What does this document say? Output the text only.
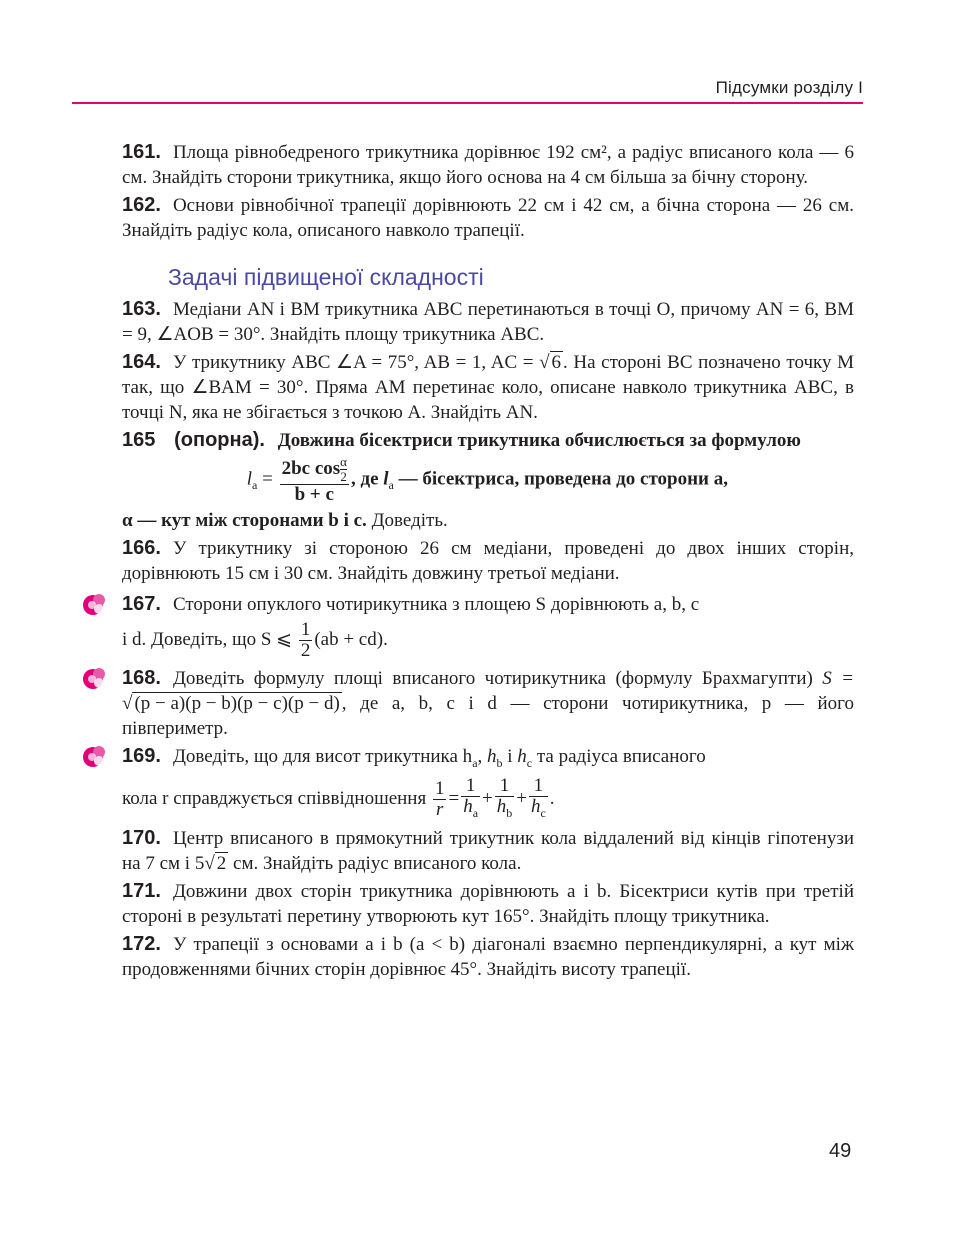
Підсумки розділу I
161. Площа рівнобедреного трикутника дорівнює 192 см², а радіус вписаного кола — 6 см. Знайдіть сторони трикутника, якщо його основа на 4 см більша за бічну сторону.
162. Основи рівнобічної трапеції дорівнюють 22 см і 42 см, а бічна сторона — 26 см. Знайдіть радіус кола, описаного навколо трапеції.
Задачі підвищеної складності
163. Медіани AN і BM трикутника ABC перетинаються в точці O, причому AN = 6, BM = 9, ∠AOB = 30°. Знайдіть площу трикутника ABC.
164. У трикутнику ABC ∠A = 75°, AB = 1, AC = √ 6 . На стороні BC позначено точку M так, що ∠BAM = 30°. Пряма AM перетинає коло, описане навколо трикутника ABC, в точці N, яка не збігається з точкою A. Знайдіть AN.
165 (опорна). Довжина бісектриси трикутника обчислюється за формулою
$l_a = \frac{2bc \cos \frac{\alpha}{2}}{b + c}$ , де $l_a$ — бісектриса, проведена до сторони a,
α — кут між сторонами b і c. Доведіть.
166. У трикутнику зі стороною 26 см медіани, проведені до двох інших сторін, дорівнюють 15 см і 30 см. Знайдіть довжину третьої медіани.
167. Сторони опуклого чотирикутника з площею S дорівнюють a, b, c
і d. Доведіть, що S ⩽ $\frac{1}{2} (ab + cd)$.
168. Доведіть формулу площі вписаного чотирикутника (формулу Брахмагупти) S = √ (p − a)(p − b)(p − c)(p − d) , де a, b, c і d — сторони чотирикутника, p — його півпериметр.
169. Доведіть, що для висот трикутника $h_a$, $h_b$ і $h_c$ та радіуса вписаного
кола r справджується співвідношення $\frac{1}{r} = \frac{1}{h_a} + \frac{1}{h_b} + \frac{1}{h_c}$ .
170. Центр вписаного в прямокутний трикутник кола віддалений від кінців гіпотенузи на 7 см і 5√ 2 см. Знайдіть радіус вписаного кола.
171. Довжини двох сторін трикутника дорівнюють a і b. Бісектриси кутів при третій стороні в результаті перетину утворюють кут 165°. Знайдіть площу трикутника.
172. У трапеції з основами a і b (a < b) діагоналі взаємно перпендикулярні, а кут між продовженнями бічних сторін дорівнює 45°. Знайдіть висоту трапеції.
49
